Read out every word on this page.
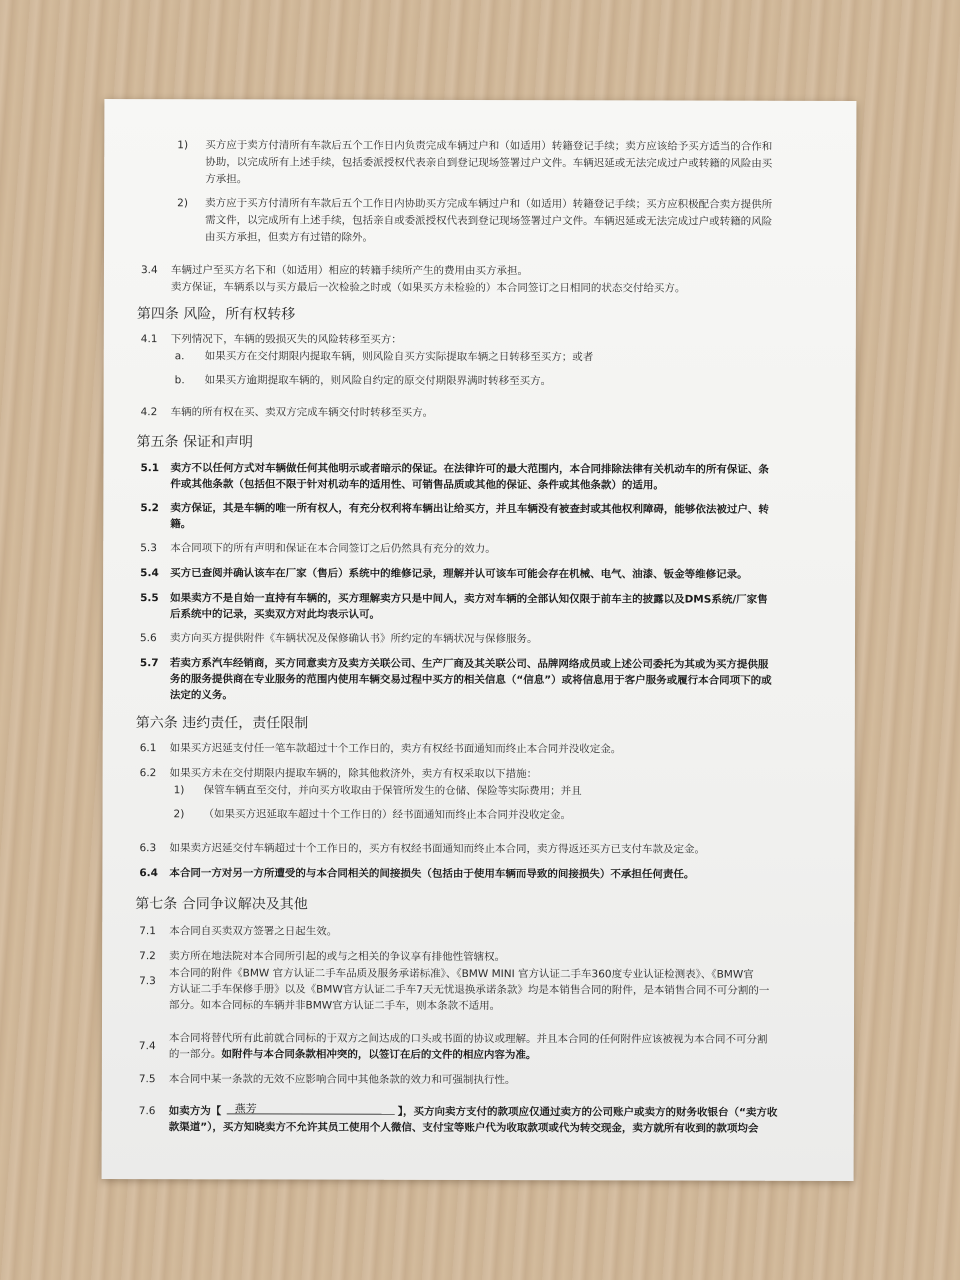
燕芳
1) 买方应于卖方付清所有车款后五个工作日内负责完成车辆过户和（如适用）转籍登记手续；卖方应该给予买方适当的合作和
协助，以完成所有上述手续，包括委派授权代表亲自到登记现场签署过户文件。车辆迟延或无法完成过户或转籍的风险由买
方承担。
2) 卖方应于买方付清所有车款后五个工作日内协助买方完成车辆过户和（如适用）转籍登记手续；买方应积极配合卖方提供所
需文件，以完成所有上述手续，包括亲自或委派授权代表到登记现场签署过户文件。车辆迟延或无法完成过户或转籍的风险
由买方承担，但卖方有过错的除外。
3.4 车辆过户至买方名下和（如适用）相应的转籍手续所产生的费用由买方承担。
卖方保证，车辆系以与买方最后一次检验之时或（如果买方未检验的）本合同签订之日相同的状态交付给买方。
第四条 风险，所有权转移
4.1 下列情况下，车辆的毁损灭失的风险转移至买方：
a. 如果买方在交付期限内提取车辆，则风险自买方实际提取车辆之日转移至买方；或者
b. 如果买方逾期提取车辆的，则风险自约定的原交付期限界满时转移至买方。
4.2 车辆的所有权在买、卖双方完成车辆交付时转移至买方。
第五条 保证和声明
5.1 卖方不以任何方式对车辆做任何其他明示或者暗示的保证。在法律许可的最大范围内，本合同排除法律有关机动车的所有保证、条
件或其他条款（包括但不限于针对机动车的适用性、可销售品质或其他的保证、条件或其他条款）的适用。
5.2 卖方保证，其是车辆的唯一所有权人，有充分权利将车辆出让给买方，并且车辆没有被查封或其他权利障碍，能够依法被过户、转
籍。
5.3 本合同项下的所有声明和保证在本合同签订之后仍然具有充分的效力。
5.4 买方已查阅并确认该车在厂家（售后）系统中的维修记录，理解并认可该车可能会存在机械、电气、油漆、钣金等维修记录。
5.5 如果卖方不是自始一直持有车辆的，买方理解卖方只是中间人，卖方对车辆的全部认知仅限于前车主的披露以及DMS系统/厂家售
后系统中的记录，买卖双方对此均表示认可。
5.6 卖方向买方提供附件《车辆状况及保修确认书》所约定的车辆状况与保修服务。
5.7 若卖方系汽车经销商，买方同意卖方及卖方关联公司、生产厂商及其关联公司、品牌网络成员或上述公司委托为其或为买方提供服
务的服务提供商在专业服务的范围内使用车辆交易过程中买方的相关信息（“信息”）或将信息用于客户服务或履行本合同项下的或
法定的义务。
第六条 违约责任，责任限制
6.1 如果买方迟延支付任一笔车款超过十个工作日的，卖方有权经书面通知而终止本合同并没收定金。
6.2 如果买方未在交付期限内提取车辆的，除其他救济外，卖方有权采取以下措施：
1) 保管车辆直至交付，并向买方收取由于保管所发生的仓储、保险等实际费用；并且
2) （如果买方迟延取车超过十个工作日的）经书面通知而终止本合同并没收定金。
6.3 如果卖方迟延交付车辆超过十个工作日的，买方有权经书面通知而终止本合同，卖方得返还买方已支付车款及定金。
6.4 本合同一方对另一方所遭受的与本合同相关的间接损失（包括由于使用车辆而导致的间接损失）不承担任何责任。
第七条 合同争议解决及其他
7.1 本合同自买卖双方签署之日起生效。
7.2 卖方所在地法院对本合同所引起的或与之相关的争议享有排他性管辖权。
7.3
本合同的附件《BMW 官方认证二手车品质及服务承诺标准》、《BMW MINI 官方认证二手车360度专业认证检测表》、《BMW官
方认证二手车保修手册》以及《BMW官方认证二手车7天无忧退换承诺条款》均是本销售合同的附件，是本销售合同不可分割的一
部分。如本合同标的车辆并非BMW官方认证二手车，则本条款不适用。
7.4
本合同将替代所有此前就合同标的于双方之间达成的口头或书面的协议或理解。并且本合同的任何附件应该被视为本合同不可分割
的一部分。如附件与本合同条款相冲突的，以签订在后的文件的相应内容为准。
7.5 本合同中某一条款的无效不应影响合同中其他条款的效力和可强制执行性。
7.6 如卖方为【	】，买方向卖方支付的款项应仅通过卖方的公司账户或卖方的财务收银台（“卖方收
款渠道”），买方知晓卖方不允许其员工使用个人微信、支付宝等账户代为收取款项或代为转交现金，卖方就所有收到的款项均会
